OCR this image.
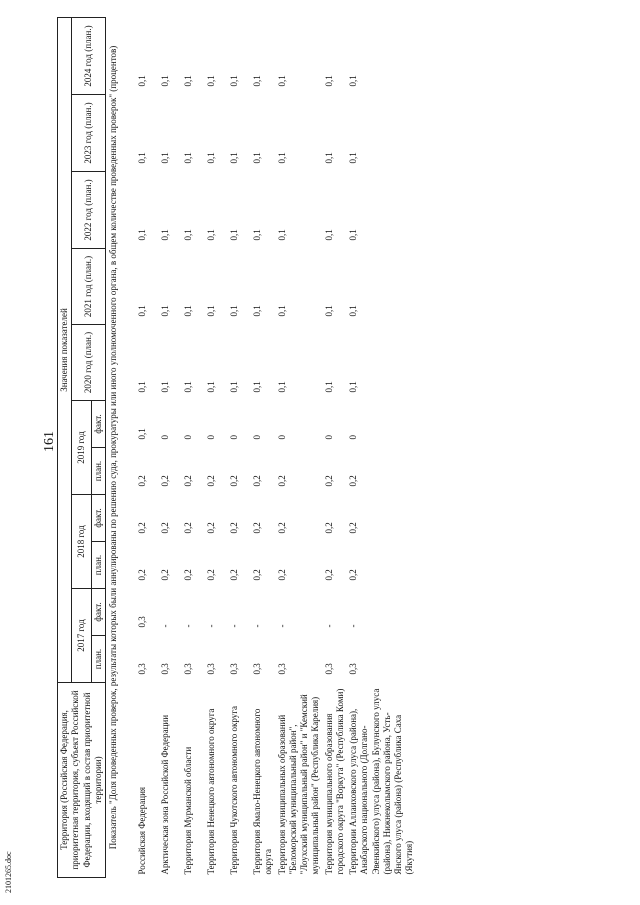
161
2101265.doc
Территория (Российская Федерация, приоритетная территория, субъект Российской Федерации, входящий в состав приоритетной территории)	Значения показателей										
	2017 год		2018 год		2019 год		2020 год (план.)	2021 год (план.)	2022 год (план.)	2023 год (план.)	2024 год (план.)
	план.	факт.	план.	факт.	план.	факт.					
Показатель "Доля проведенных проверок, результаты которых были аннулированы по решению суда, прокуратуры или иного уполномоченного органа, в общем количестве проведенных проверок" (процентов)											
Российская Федерация	0,3	0,3	0,2	0,2	0,2	0,1	0,1	0,1	0,1	0,1	0,1
Арктическая зона Российской Федерации	0,3	-	0,2	0,2	0,2	0	0,1	0,1	0,1	0,1	0,1
Территория Мурманской области	0,3	-	0,2	0,2	0,2	0	0,1	0,1	0,1	0,1	0,1
Территория Ненецкого автономного округа	0,3	-	0,2	0,2	0,2	0	0,1	0,1	0,1	0,1	0,1
Территория Чукотского автономного округа	0,3	-	0,2	0,2	0,2	0	0,1	0,1	0,1	0,1	0,1
Территория Ямало-Ненецкого автономного округа	0,3	-	0,2	0,2	0,2	0	0,1	0,1	0,1	0,1	0,1
Территория муниципальных образований "Беломорский муниципальный район", "Лоухский муниципальный район" и "Кемский муниципальный район" (Республика Карелия)	0,3	-	0,2	0,2	0,2	0	0,1	0,1	0,1	0,1	0,1
Территория муниципального образования городского округа "Воркута" (Республика Коми)	0,3	-	0,2	0,2	0,2	0	0,1	0,1	0,1	0,1	0,1
Территории Аллаиховского улуса (района), Анабарского национального (Долгано-Эвенкийского) улуса (района), Булунского улуса (района), Нижнеколымского района, Усть-Янского улуса (района) (Республика Саха (Якутия)	0,3	-	0,2	0,2	0,2	0	0,1	0,1	0,1	0,1	0,1
